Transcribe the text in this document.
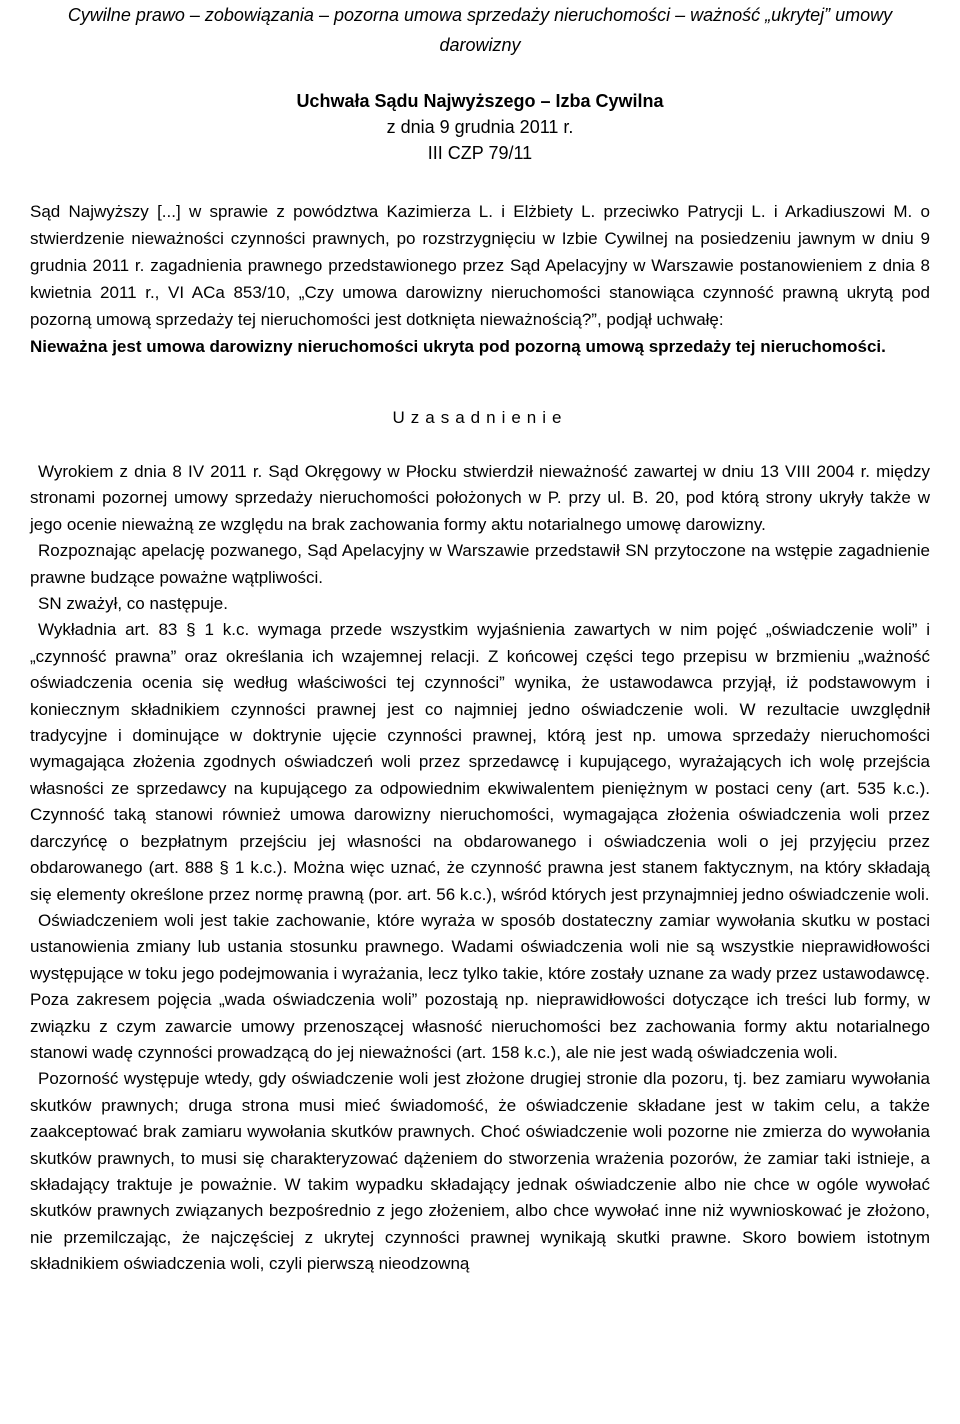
Cywilne prawo – zobowiązania – pozorna umowa sprzedaży nieruchomości – ważność „ukrytej” umowy darowizny

Uchwała Sądu Najwyższego – Izba Cywilna
z dnia 9 grudnia 2011 r.
III CZP 79/11

Sąd Najwyższy [...] w sprawie z powództwa Kazimierza L. i Elżbiety L. przeciwko Patrycji L. i Arkadiuszowi M. o stwierdzenie nieważności czynności prawnych, po rozstrzygnięciu w Izbie Cywilnej na posiedzeniu jawnym w dniu 9 grudnia 2011 r. zagadnienia prawnego przedstawionego przez Sąd Apelacyjny w Warszawie postanowieniem z dnia 8 kwietnia 2011 r., VI ACa 853/10, „Czy umowa darowizny nieruchomości stanowiąca czynność prawną ukrytą pod pozorną umową sprzedaży tej nieruchomości jest dotknięta nieważnością?”, podjął uchwałę:

Nieważna jest umowa darowizny nieruchomości ukryta pod pozorną umową sprzedaży tej nieruchomości.

Uzasadnienie

Wyrokiem z dnia 8 IV 2011 r. Sąd Okręgowy w Płocku stwierdził nieważność zawartej w dniu 13 VIII 2004 r. między stronami pozornej umowy sprzedaży nieruchomości położonych w P. przy ul. B. 20, pod którą strony ukryły także w jego ocenie nieważną ze względu na brak zachowania formy aktu notarialnego umowę darowizny.

Rozpoznając apelację pozwanego, Sąd Apelacyjny w Warszawie przedstawił SN przytoczone na wstępie zagadnienie prawne budzące poważne wątpliwości.

SN zważył, co następuje.

Wykładnia art. 83 § 1 k.c. wymaga przede wszystkim wyjaśnienia zawartych w nim pojęć „oświadczenie woli” i „czynność prawna” oraz określania ich wzajemnej relacji. Z końcowej części tego przepisu w brzmieniu „ważność oświadczenia ocenia się według właściwości tej czynności” wynika, że ustawodawca przyjął, iż podstawowym i koniecznym składnikiem czynności prawnej jest co najmniej jedno oświadczenie woli. W rezultacie uwzględnił tradycyjne i dominujące w doktrynie ujęcie czynności prawnej, którą jest np. umowa sprzedaży nieruchomości wymagająca złożenia zgodnych oświadczeń woli przez sprzedawcę i kupującego, wyrażających ich wolę przejścia własności ze sprzedawcy na kupującego za odpowiednim ekwiwalentem pieniężnym w postaci ceny (art. 535 k.c.). Czynność taką stanowi również umowa darowizny nieruchomości, wymagająca złożenia oświadczenia woli przez darczyńcę o bezpłatnym przejściu jej własności na obdarowanego i oświadczenia woli o jej przyjęciu przez obdarowanego (art. 888 § 1 k.c.). Można więc uznać, że czynność prawna jest stanem faktycznym, na który składają się elementy określone przez normę prawną (por. art. 56 k.c.), wśród których jest przynajmniej jedno oświadczenie woli.

Oświadczeniem woli jest takie zachowanie, które wyraża w sposób dostateczny zamiar wywołania skutku w postaci ustanowienia zmiany lub ustania stosunku prawnego. Wadami oświadczenia woli nie są wszystkie nieprawidłowości występujące w toku jego podejmowania i wyrażania, lecz tylko takie, które zostały uznane za wady przez ustawodawcę. Poza zakresem pojęcia „wada oświadczenia woli” pozostają np. nieprawidłowości dotyczące ich treści lub formy, w związku z czym zawarcie umowy przenoszącej własność nieruchomości bez zachowania formy aktu notarialnego stanowi wadę czynności prowadzącą do jej nieważności (art. 158 k.c.), ale nie jest wadą oświadczenia woli.

Pozorność występuje wtedy, gdy oświadczenie woli jest złożone drugiej stronie dla pozoru, tj. bez zamiaru wywołania skutków prawnych; druga strona musi mieć świadomość, że oświadczenie składane jest w takim celu, a także zaakceptować brak zamiaru wywołania skutków prawnych. Choć oświadczenie woli pozorne nie zmierza do wywołania skutków prawnych, to musi się charakteryzować dążeniem do stworzenia wrażenia pozorów, że zamiar taki istnieje, a składający traktuje je poważnie. W takim wypadku składający jednak oświadczenie albo nie chce w ogóle wywołać skutków prawnych związanych bezpośrednio z jego złożeniem, albo chce wywołać inne niż wywnioskować je złożono, nie przemilczając, że najczęściej z ukrytej czynności prawnej wynikają skutki prawne. Skoro bowiem istotnym składnikiem oświadczenia woli, czyli pierwszą nieodzowną
